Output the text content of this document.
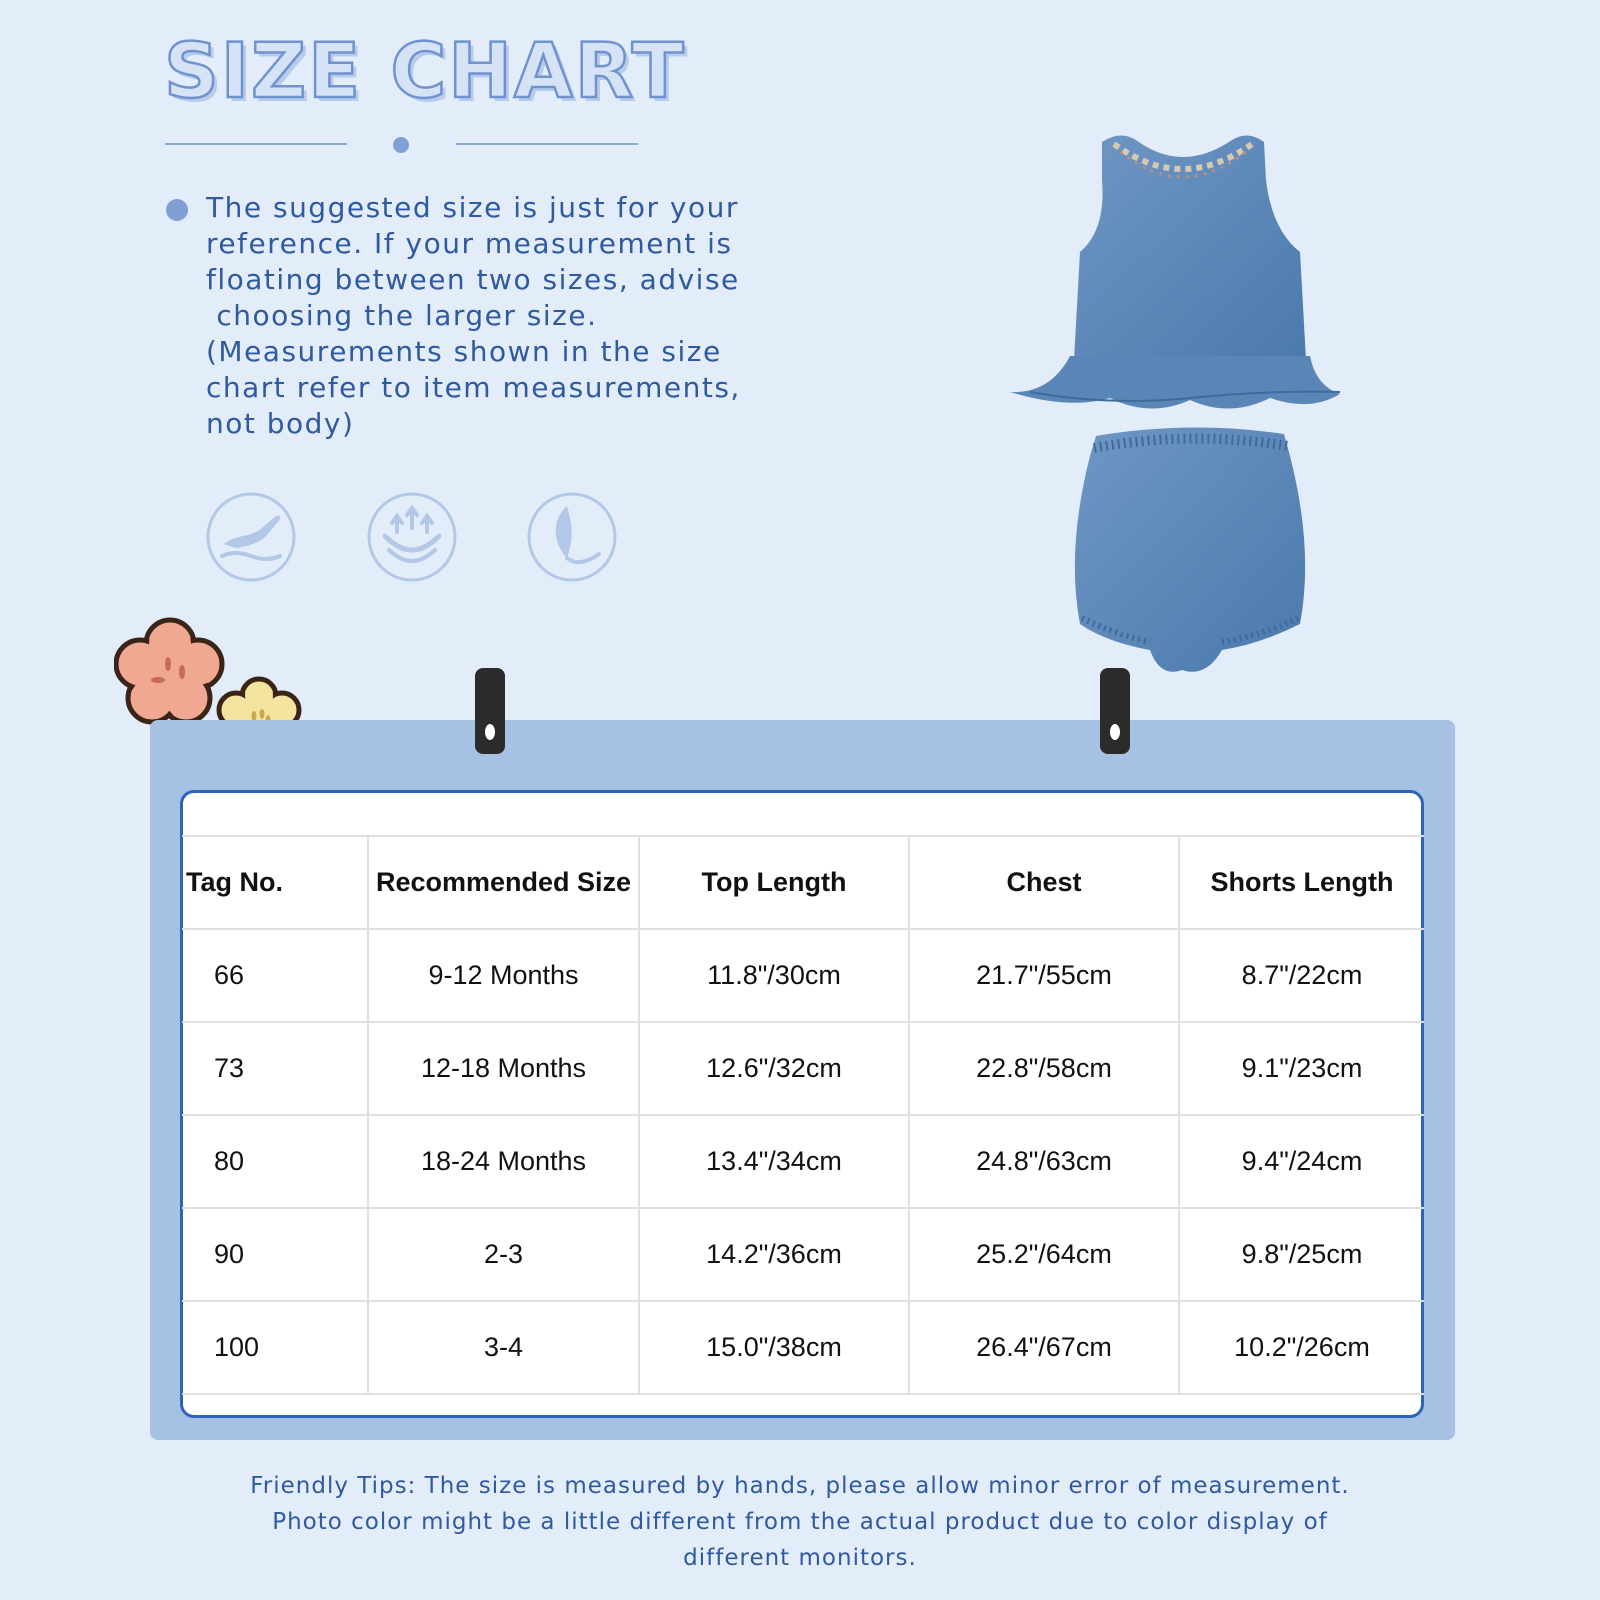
SIZE CHART

The suggested size is just for your
reference. If your measurement is
floating between two sizes, advise
choosing the larger size.
(Measurements shown in the size
chart refer to item measurements,
not body)

Tag No.	Recommended Size	Top Length	Chest	Shorts Length
66	9-12 Months	11.8"/30cm	21.7"/55cm	8.7"/22cm
73	12-18 Months	12.6"/32cm	22.8"/58cm	9.1"/23cm
80	18-24 Months	13.4"/34cm	24.8"/63cm	9.4"/24cm
90	2-3	14.2"/36cm	25.2"/64cm	9.8"/25cm
100	3-4	15.0"/38cm	26.4"/67cm	10.2"/26cm

Friendly Tips: The size is measured by hands, please allow minor error of measurement.
Photo color might be a little different from the actual product due to color display of
different monitors.
